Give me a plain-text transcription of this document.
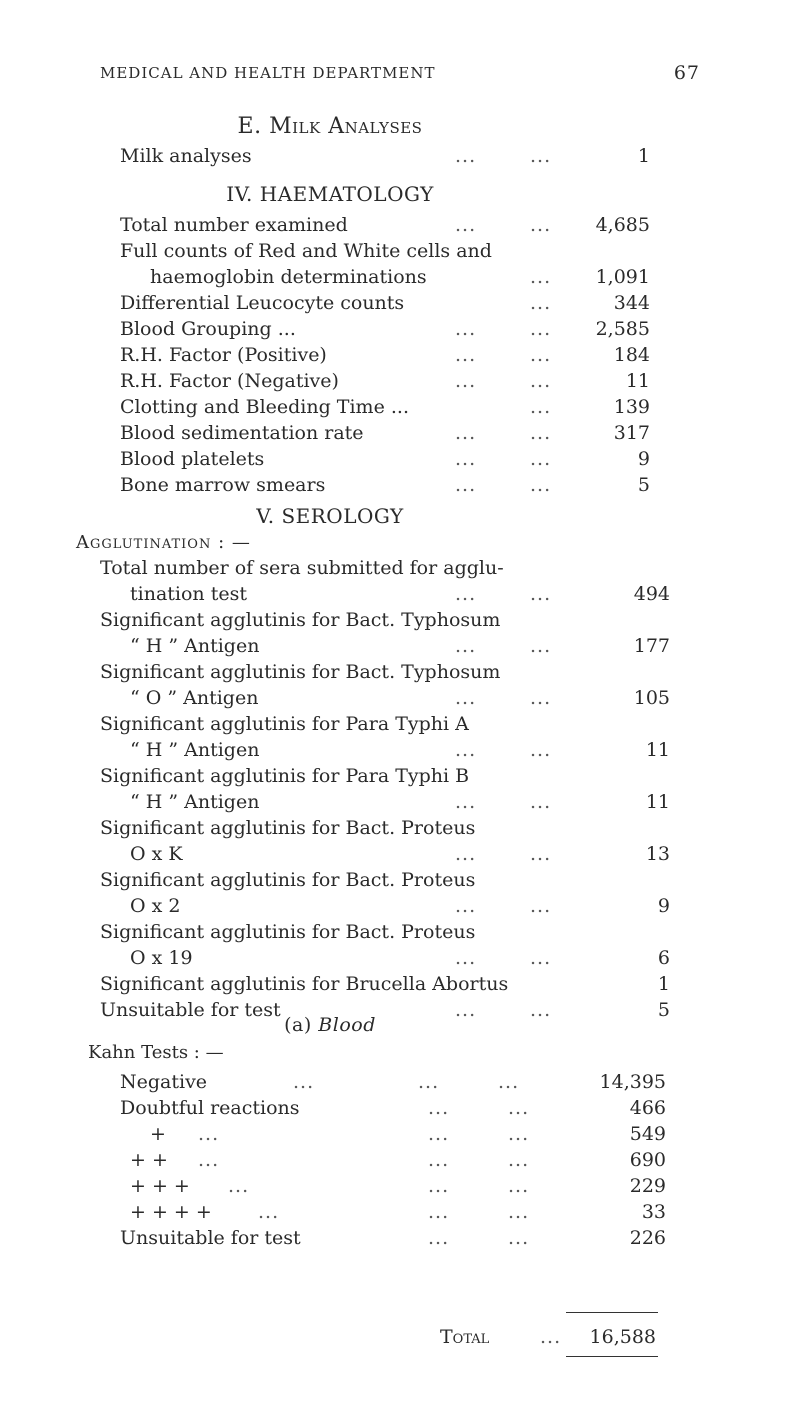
MEDICAL AND HEALTH DEPARTMENT	67
E. Milk Analyses
Milk analyses	...	...	1
IV. HAEMATOLOGY
Total number examined	...	... 4,685
Full counts of Red and White cells and
haemoglobin determinations	... 1,091
Differential Leucocyte counts	...	344
Blood Grouping ...	...	... 2,585
R.H. Factor (Positive)	...	...	184
R.H. Factor (Negative)	...	...	11
Clotting and Bleeding Time ...	...	139
Blood sedimentation rate	...	...	317
Blood platelets	...	...	9
Bone marrow smears	...	...	5
V. SEROLOGY
Agglutination : —
Total number of sera submitted for agglu-
tination test	...	...	494
Significant agglutinis for Bact. Typhosum
“ H ” Antigen	...	...	177
Significant agglutinis for Bact. Typhosum
“ O ” Antigen	...	...	105
Significant agglutinis for Para Typhi A
“ H ” Antigen	...	...	11
Significant agglutinis for Para Typhi B
“ H ” Antigen	...	...	11
Significant agglutinis for Bact. Proteus
O x K	...	...	13
Significant agglutinis for Bact. Proteus
O x 2	...	...	9
Significant agglutinis for Bact. Proteus
O x 19	...	...	6
Significant agglutinis for Brucella Abortus	1
Unsuitable for test	...	...	5
(a) Blood
Kahn Tests : —
Negative	...	...	...	14,395
Doubtful reactions	...	...	466
+ ...	...	...	549
+ + ...	...	...	690
+ + + ...	...	...	229
+ + + + ...	...	...	33
Unsuitable for test	...	...	226
Total	... 16,588
